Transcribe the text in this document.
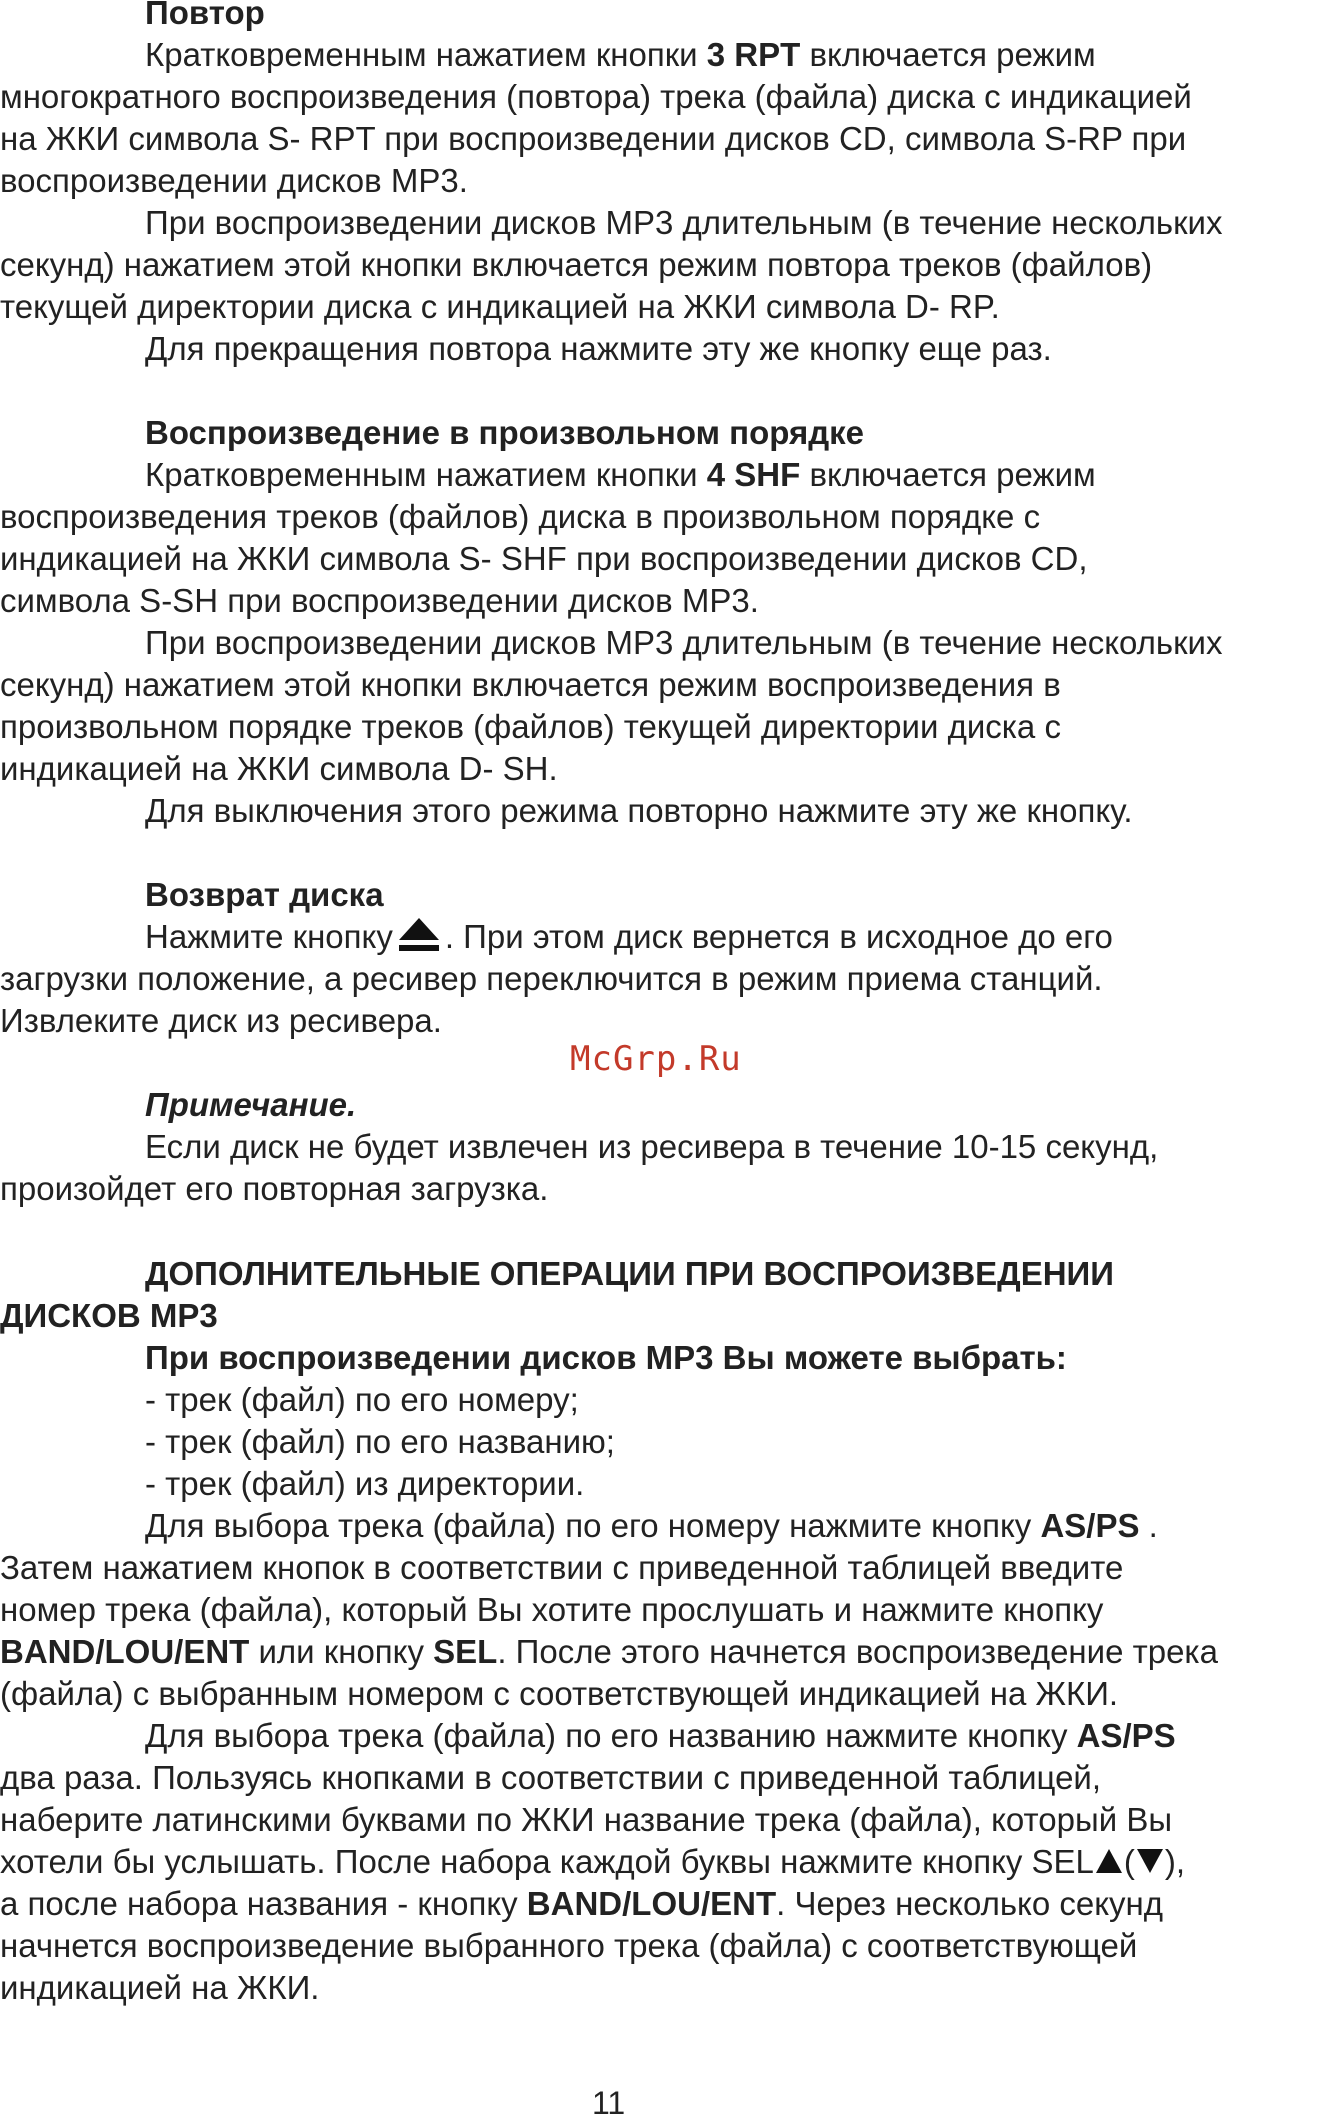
Повтор
Кратковременным нажатием кнопки 3 RPT включается режим
многократного воспроизведения (повтора) трека (файла) диска с индикацией
на ЖКИ символа S- RPT при воспроизведении дисков CD, символа S-RP при
воспроизведении дисков MP3.
При воспроизведении дисков MP3 длительным (в течение нескольких
секунд) нажатием этой кнопки включается режим повтора треков (файлов)
текущей директории диска с индикацией на ЖКИ символа D- RP.
Для прекращения повтора нажмите эту же кнопку еще раз.
Воспроизведение в произвольном порядке
Кратковременным нажатием кнопки 4 SHF включается режим
воспроизведения треков (файлов) диска в произвольном порядке с
индикацией на ЖКИ символа S- SHF при воспроизведении дисков CD,
символа S-SH при воспроизведении дисков MP3.
При воспроизведении дисков MP3 длительным (в течение нескольких
секунд) нажатием этой кнопки включается режим воспроизведения в
произвольном порядке треков (файлов) текущей директории диска с
индикацией на ЖКИ символа D- SH.
Для выключения этого режима повторно нажмите эту же кнопку.
Возврат диска
Нажмите кнопку . При этом диск вернется в исходное до его
загрузки положение, а ресивер переключится в режим приема станций.
Извлеките диск из ресивера.
McGrp.Ru
Примечание.
Если диск не будет извлечен из ресивера в течение 10-15 секунд,
произойдет его повторная загрузка.
ДОПОЛНИТЕЛЬНЫЕ ОПЕРАЦИИ ПРИ ВОСПРОИЗВЕДЕНИИ
ДИСКОВ MP3
При воспроизведении дисков MP3 Вы можете выбрать:
- трек (файл) по его номеру;
- трек (файл) по его названию;
- трек (файл) из директории.
Для выбора трека (файла) по его номеру нажмите кнопку AS/PS .
Затем нажатием кнопок в соответствии с приведенной таблицей введите
номер трека (файла), который Вы хотите прослушать и нажмите кнопку
BAND/LOU/ENT или кнопку SEL. После этого начнется воспроизведение трека
(файла) с выбранным номером с соответствующей индикацией на ЖКИ.
Для выбора трека (файла) по его названию нажмите кнопку AS/PS
два раза. Пользуясь кнопками в соответствии с приведенной таблицей,
наберите латинскими буквами по ЖКИ название трека (файла), который Вы
хотели бы услышать. После набора каждой буквы нажмите кнопку SEL ( ),
а после набора названия - кнопку BAND/LOU/ENT. Через несколько секунд
начнется воспроизведение выбранного трека (файла) с соответствующей
индикацией на ЖКИ.
11
